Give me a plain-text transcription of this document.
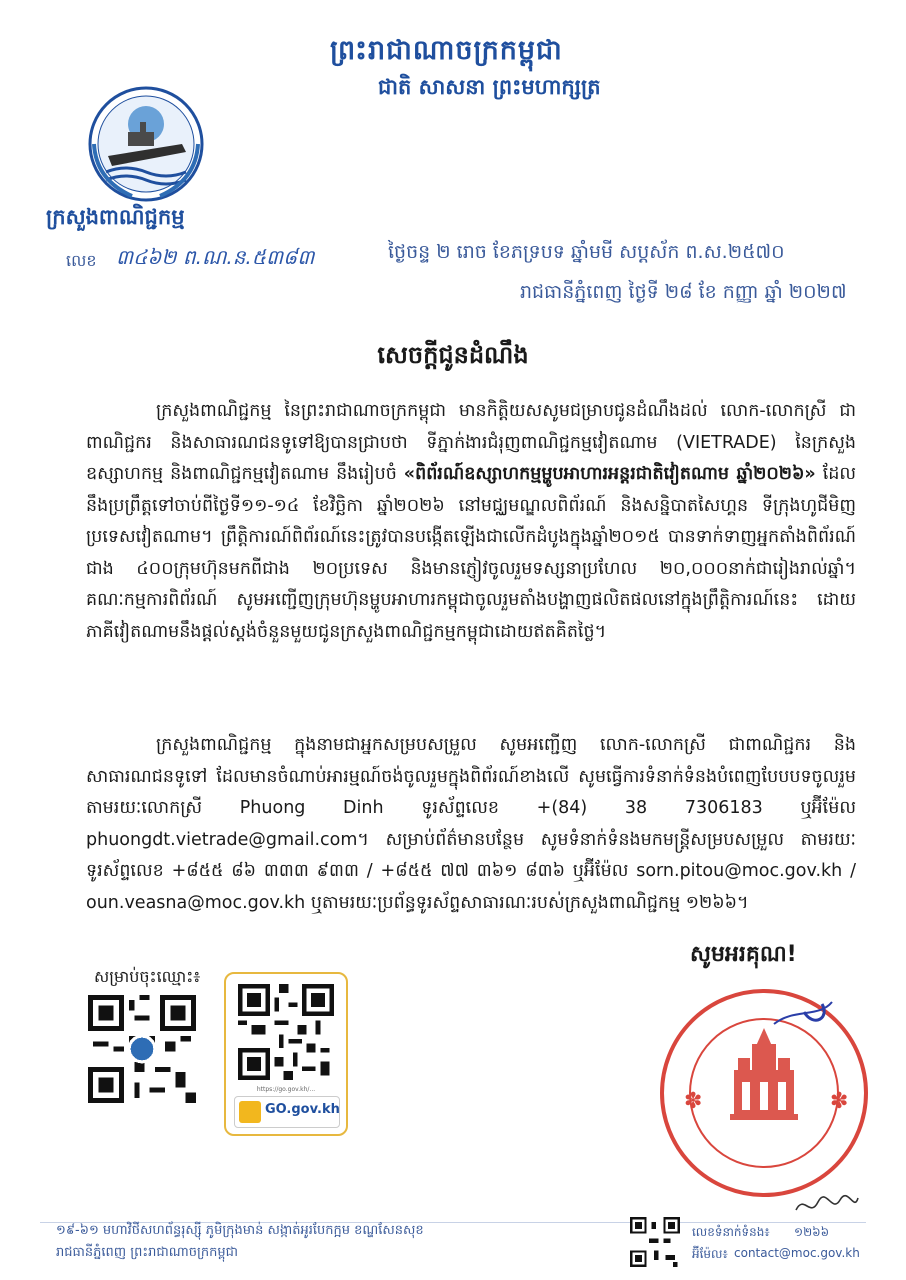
ព្រះរាជាណាចក្រកម្ពុជា
ជាតិ សាសនា ព្រះមហាក្សត្រ
ក្រសួងពាណិជ្ជកម្ម
លេខ ៣៤៦២ ព.ណ.ន.៥៣៨៣	ថ្ងៃចន្ទ ២ រោច ខែភទ្របទ ឆ្នាំមមី សប្តស័ក ព.ស.២៥៧០
រាជធានីភ្នំពេញ ថ្ងៃទី ២៨ ខែ កញ្ញា ឆ្នាំ ២០២៧
សេចក្តីជូនដំណឹង
ក្រសួងពាណិជ្ជកម្ម នៃព្រះរាជាណាចក្រកម្ពុជា មានកិត្តិយសសូមជម្រាបជូនដំណឹងដល់ លោក-លោកស្រី ជាពាណិជ្ជករ និងសាធារណជនទូទៅឱ្យបានជ្រាបថា ទីភ្នាក់ងារជំរុញពាណិជ្ជកម្មវៀតណាម (VIETRADE) នៃក្រសួងឧស្សាហកម្ម និងពាណិជ្ជកម្មវៀតណាម នឹងរៀបចំ «ពិព័រណ៍ឧស្សាហកម្មម្ហូបអាហារអន្តរជាតិវៀតណាម ឆ្នាំ២០២៦» ដែលនឹងប្រព្រឹត្តទៅចាប់ពីថ្ងៃទី១១-១៤ ខែវិច្ឆិកា ឆ្នាំ២០២៦ នៅមជ្ឈមណ្ឌលពិព័រណ៍ និងសន្និបាតសៃហ្គន ទីក្រុងហូជីមិញ ប្រទេសវៀតណាម។ ព្រឹត្តិការណ៍ពិព័រណ៍នេះត្រូវបានបង្កើតឡើងជាលើកដំបូងក្នុងឆ្នាំ២០១៥ បានទាក់ទាញអ្នកតាំងពិព័រណ៍ជាង ៤០០ក្រុមហ៊ុនមកពីជាង ២០ប្រទេស និងមានភ្ញៀវចូលរួមទស្សនាប្រហែល ២០,០០០នាក់ជារៀងរាល់ឆ្នាំ។ គណៈកម្មការពិព័រណ៍ សូមអញ្ជើញក្រុមហ៊ុនម្ហូបអាហារកម្ពុជាចូលរួមតាំងបង្ហាញផលិតផលនៅក្នុងព្រឹត្តិការណ៍នេះ ដោយភាគីវៀតណាមនឹងផ្តល់ស្តង់ចំនួនមួយជូនក្រសួងពាណិជ្ជកម្មកម្ពុជាដោយឥតគិតថ្លៃ។
ក្រសួងពាណិជ្ជកម្ម ក្នុងនាមជាអ្នកសម្របសម្រួល សូមអញ្ជើញ លោក-លោកស្រី ជាពាណិជ្ជករ និងសាធារណជនទូទៅ ដែលមានចំណាប់អារម្មណ៍ចង់ចូលរួមក្នុងពិព័រណ៍ខាងលើ សូមធ្វើការទំនាក់ទំនងបំពេញបែបបទចូលរួមតាមរយៈលោកស្រី Phuong Dinh ទូរស័ព្ទលេខ +(84) 38 7306183 ឬអ៊ីម៉ែល phuongdt.vietrade@gmail.com។ សម្រាប់ព័ត៌មានបន្ថែម សូមទំនាក់ទំនងមកមន្ត្រីសម្របសម្រួល តាមរយៈទូរស័ព្ទលេខ +៨៥៥ ៨៦ ៣៣៣ ៩៣៣ / +៨៥៥ ៧៧ ៣៦១ ៨៣៦ ឬអ៊ីម៉ែល sorn.pitou@moc.gov.kh / oun.veasna@moc.gov.kh ឬតាមរយៈប្រព័ន្ធទូរស័ព្ទសាធារណៈរបស់ក្រសួងពាណិជ្ជកម្ម ១២៦៦។
សូមអរគុណ!
សម្រាប់ចុះឈ្មោះ៖
https://go.gov.kh/...
GO.gov.kh	✽	✽
១៩-៦១ មហាវិថីសហព័ន្ធរុស្ស៊ី ភូមិក្រុងមាន់ សង្កាត់អូរបែកក្អម ខណ្ឌសែនសុខ
រាជធានីភ្នំពេញ ព្រះរាជាណាចក្រកម្ពុជា
លេខទំនាក់ទំនង៖ ១២៦៦
អ៊ីម៉ែល៖ contact@moc.gov.kh
